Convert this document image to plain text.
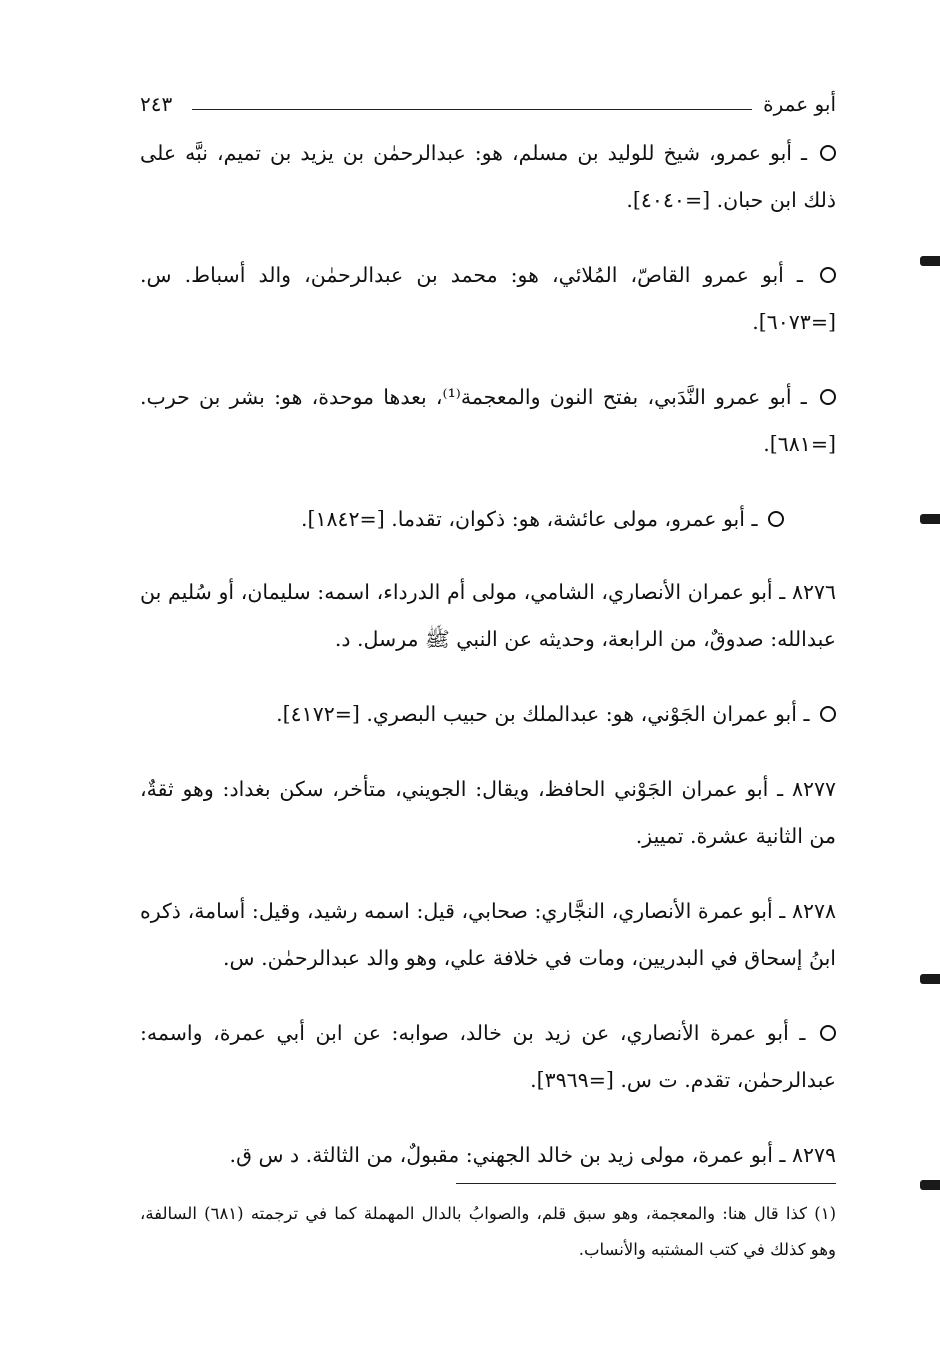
أبو عمرة
٢٤٣

ـ أبو عمرو، شيخ للوليد بن مسلم، هو: عبدالرحمٰن بن يزيد بن تميم، نبَّه على ذلك ابن حبان. [=٤٠٤٠].

ـ أبو عمرو القاصّ، المُلائي، هو: محمد بن عبدالرحمٰن، والد أسباط. س. [=٦٠٧٣].

ـ أبو عمرو النَّدَبي، بفتح النون والمعجمة⁽¹⁾، بعدها موحدة، هو: بشر بن حرب. [=٦٨١].

ـ أبو عمرو، مولى عائشة، هو: ذكوان، تقدما. [=١٨٤٢].

٨٢٧٦ ـ أبو عمران الأنصاري، الشامي، مولى أم الدرداء، اسمه: سليمان، أو سُليم بن عبدالله: صدوقٌ، من الرابعة، وحديثه عن النبي ﷺ مرسل. د.

ـ أبو عمران الجَوْني، هو: عبدالملك بن حبيب البصري. [=٤١٧٢].

٨٢٧٧ ـ أبو عمران الجَوْني الحافظ، ويقال: الجويني، متأخر، سكن بغداد: وهو ثقةٌ، من الثانية عشرة. تمييز.

٨٢٧٨ ـ أبو عمرة الأنصاري، النجَّاري: صحابي، قيل: اسمه رشيد، وقيل: أسامة، ذكره ابنُ إسحاق في البدريين، ومات في خلافة علي، وهو والد عبدالرحمٰن. س.

ـ أبو عمرة الأنصاري، عن زيد بن خالد، صوابه: عن ابن أبي عمرة، واسمه: عبدالرحمٰن، تقدم. ت س. [=٣٩٦٩].

٨٢٧٩ ـ أبو عمرة، مولى زيد بن خالد الجهني: مقبولٌ، من الثالثة. د س ق.

(١) كذا قال هنا: والمعجمة، وهو سبق قلم، والصوابُ بالدال المهملة كما في ترجمته (٦٨١) السالفة، وهو كذلك في كتب المشتبه والأنساب.
